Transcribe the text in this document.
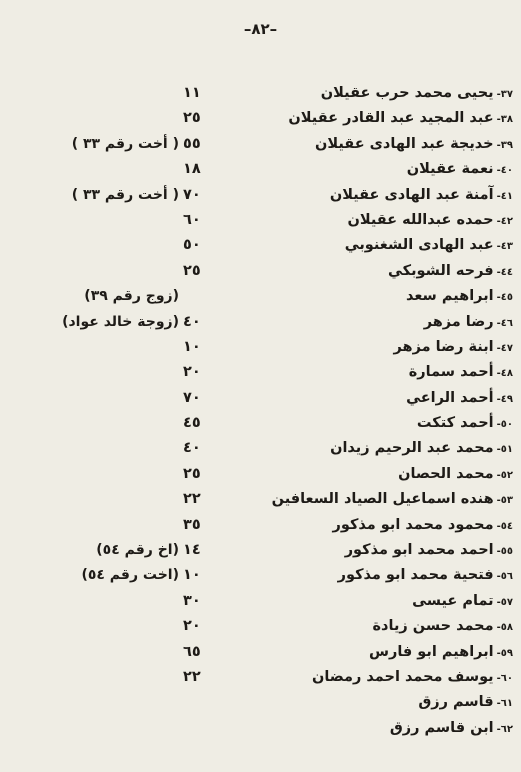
–٨٢–
٣٧-يحيى محمد حرب عقيلان
١١
٣٨-عبد المجيد عبد القادر عقيلان
٢٥
٣٩-خديجة عبد الهادى عقيلان
٥٥
( أخت رقم ٣٣ )
٤٠-نعمة عقيلان
١٨
٤١-آمنة عبد الهادى عقيلان
٧٠
( أخت رقم ٣٣ )
٤٢-حمده عبدالله عقيلان
٦٠
٤٣-عبد الهادى الشغنوبي
٥٠
٤٤-فرحه الشوبكي
٢٥
٤٥-ابراهيم سعد
(زوج رقم ٣٩)
٤٦-رضا مزهر
٤٠
(زوجة خالد عواد)
٤٧-ابنة رضا مزهر
١٠
٤٨-أحمد سمارة
٢٠
٤٩-أحمد الراعي
٧٠
٥٠-أحمد كتكت
٤٥
٥١-محمد عبد الرحيم زيدان
٤٠
٥٢-محمد الحصان
٢٥
٥٣-هنده اسماعيل الصياد السعافين
٢٢
٥٤-محمود محمد ابو مذكور
٣٥
٥٥-احمد محمد ابو مذكور
١٤
(اخ رقم ٥٤)
٥٦-فتحية محمد ابو مذكور
١٠
(اخت رقم ٥٤)
٥٧-تمام عيسى
٣٠
٥٨-محمد حسن زيادة
٢٠
٥٩-ابراهيم ابو فارس
٦٥
٦٠-يوسف محمد احمد رمضان
٢٢
٦١-قاسم رزق
٦٢-ابن قاسم رزق
